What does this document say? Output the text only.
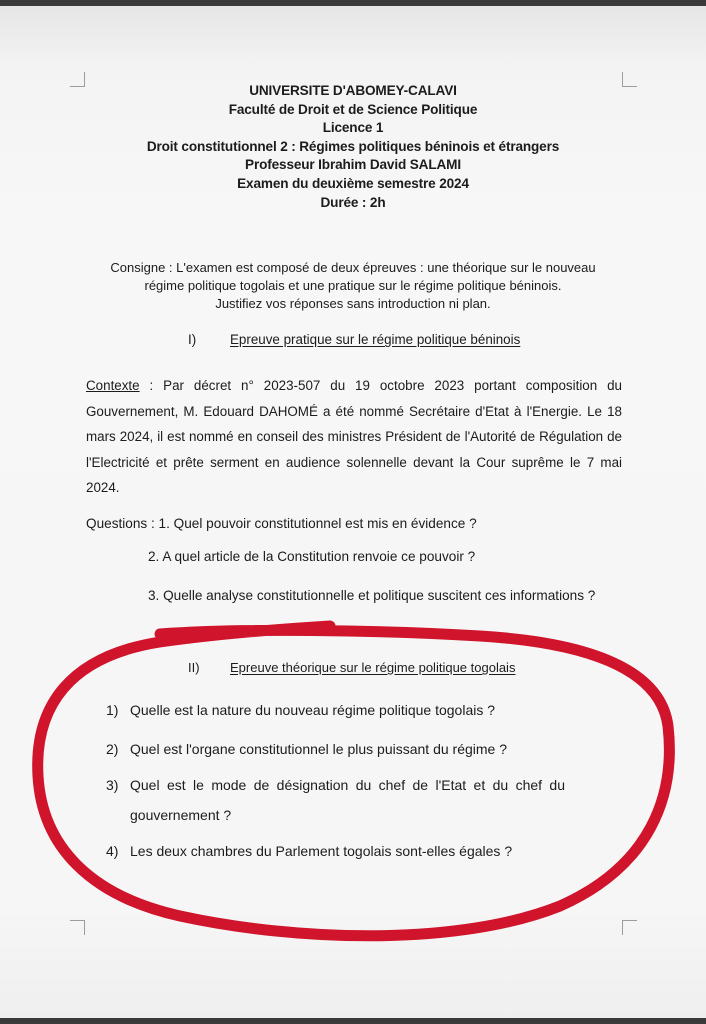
UNIVERSITE D'ABOMEY-CALAVI
Faculté de Droit et de Science Politique
Licence 1
Droit constitutionnel 2 : Régimes politiques béninois et étrangers
Professeur Ibrahim David SALAMI
Examen du deuxième semestre 2024
Durée : 2h
Consigne : L'examen est composé de deux épreuves : une théorique sur le nouveau
régime politique togolais et une pratique sur le régime politique béninois.
Justifiez vos réponses sans introduction ni plan.
I)	Epreuve pratique sur le régime politique béninois
Contexte : Par décret n° 2023-507 du 19 octobre 2023 portant composition du Gouvernement, M. Edouard DAHOMÉ a été nommé Secrétaire d'Etat à l'Energie. Le 18 mars 2024, il est nommé en conseil des ministres Président de l'Autorité de Régulation de l'Electricité et prête serment en audience solennelle devant la Cour suprême le 7 mai 2024.
Questions : 1. Quel pouvoir constitutionnel est mis en évidence ?
2. A quel article de la Constitution renvoie ce pouvoir ?
3. Quelle analyse constitutionnelle et politique suscitent ces informations ?
II) Epreuve théorique sur le régime politique togolais
1) Quelle est la nature du nouveau régime politique togolais ?
2) Quel est l'organe constitutionnel le plus puissant du régime ?
3) Quel est le mode de désignation du chef de l'Etat et du chef du
gouvernement ?
4) Les deux chambres du Parlement togolais sont-elles égales ?
